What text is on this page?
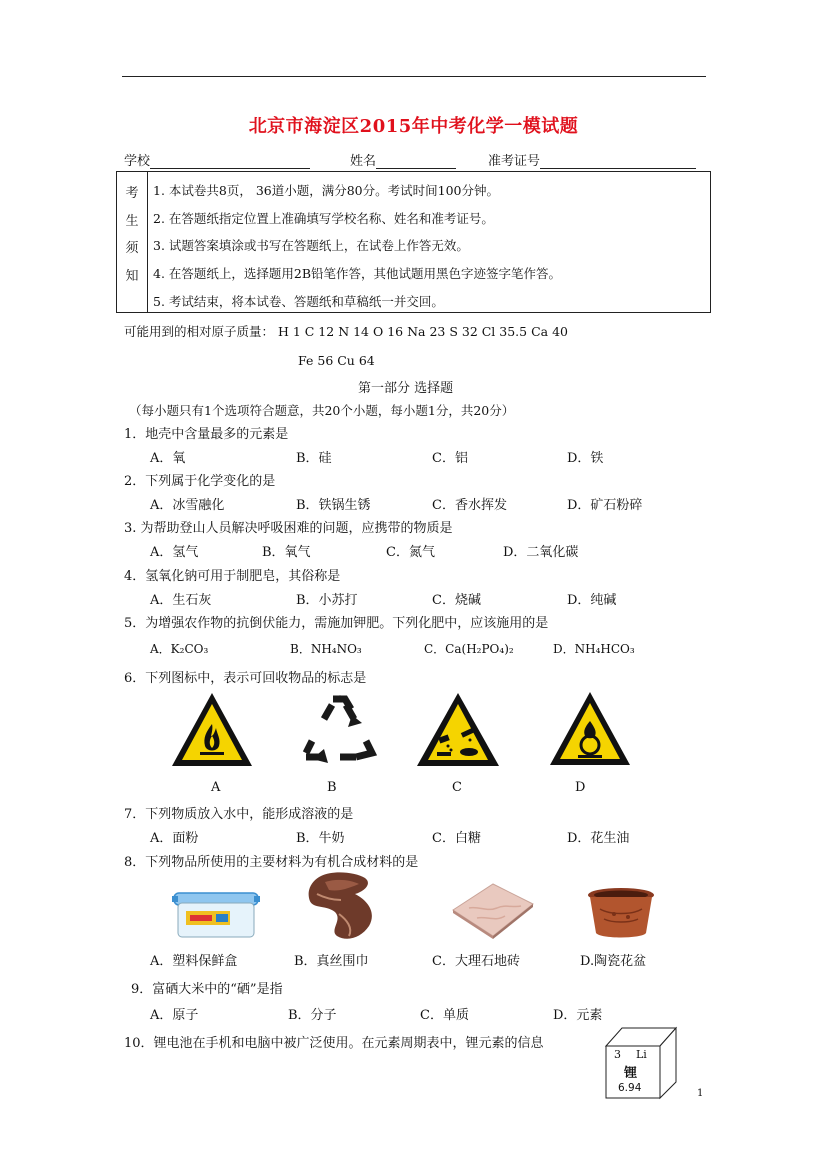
北京市海淀区2015年中考化学一模试题
学校	姓名	准考证号
考
生
须
知
1. 本试卷共8页， 36道小题，满分80分。考试时间100分钟。
2. 在答题纸指定位置上准确填写学校名称、姓名和准考证号。
3. 试题答案填涂或书写在答题纸上，在试卷上作答无效。
4. 在答题纸上，选择题用2B铅笔作答，其他试题用黑色字迹签字笔作答。
5. 考试结束，将本试卷、答题纸和草稿纸一并交回。
可能用到的相对原子质量： H 1 C 12 N 14 O 16 Na 23 S 32 Cl 35.5 Ca 40
Fe 56 Cu 64
第一部分 选择题
（每小题只有1个选项符合题意，共20个小题，每小题1分，共20分）
1．地壳中含量最多的元素是
A．氧	B．硅	C．铝	D．铁
2．下列属于化学变化的是
A．冰雪融化	B．铁锅生锈	C．香水挥发	D．矿石粉碎
3. 为帮助登山人员解决呼吸困难的问题，应携带的物质是
A．氢气	B．氧气	C．氮气	D．二氧化碳
4．氢氧化钠可用于制肥皂，其俗称是
A．生石灰	B．小苏打	C．烧碱	D．纯碱
5．为增强农作物的抗倒伏能力，需施加钾肥。下列化肥中，应该施用的是
A．K₂CO₃	B．NH₄NO₃	C．Ca(H₂PO₄)₂	D．NH₄HCO₃
6．下列图标中，表示可回收物品的标志是
A	B	C	D
7．下列物质放入水中，能形成溶液的是
A．面粉	B．牛奶	C．白糖	D．花生油
8．下列物品所使用的主要材料为有机合成材料的是
A．塑料保鲜盒	B．真丝围巾	C．大理石地砖	D.陶瓷花盆
9．富硒大米中的“硒”是指
A．原子	B．分子	C．单质	D．元素
10．锂电池在手机和电脑中被广泛使用。在元素周期表中，锂元素的信息
3 Li
锂
6.94	1
